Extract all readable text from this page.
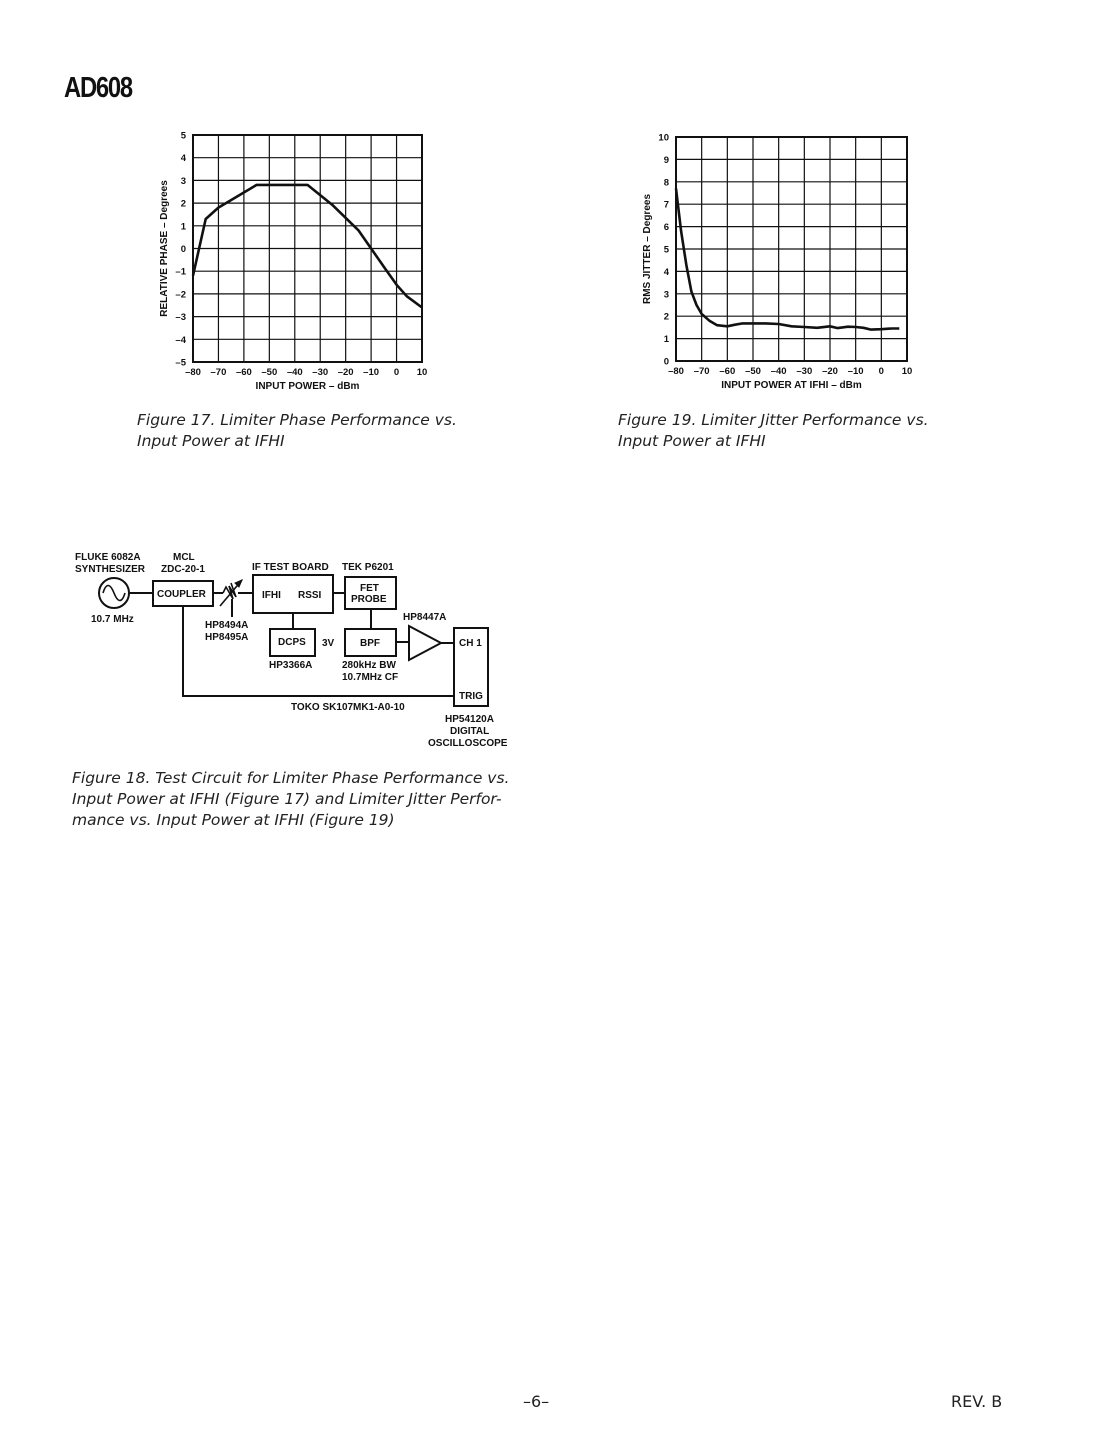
AD608
–80 –70 –60 –50 –40 –30 –20 –10 0 10
5
4
3
2
1
0
–1
–2
–3
–4
–5
INPUT POWER – dBm
RELATIVE PHASE – Degrees
–80 –70 –60 –50 –40 –30 –20 –10 0 10
10
9
8
7
6
5
4
3
2
1
0
INPUT POWER AT IFHI – dBm
RMS JITTER – Degrees
Figure 17. Limiter Phase Performance vs.
Input Power at IFHI
Figure 19. Limiter Jitter Performance vs.
Input Power at IFHI
FLUKE 6082A
SYNTHESIZER
10.7 MHz
MCL
ZDC-20-1
COUPLER
HP8494A
HP8495A
IF TEST BOARD
IFHI RSSI
DCPS
HP3366A
3V
TEK P6201
FET
PROBE
BPF
280kHz BW
10.7MHz CF
HP8447A
CH 1
TRIG
TOKO SK107MK1-A0-10
HP54120A
DIGITAL
OSCILLOSCOPE
Figure 18. Test Circuit for Limiter Phase Performance vs.
Input Power at IFHI (Figure 17) and Limiter Jitter Perfor-
mance vs. Input Power at IFHI (Figure 19)
–6–	REV. B
